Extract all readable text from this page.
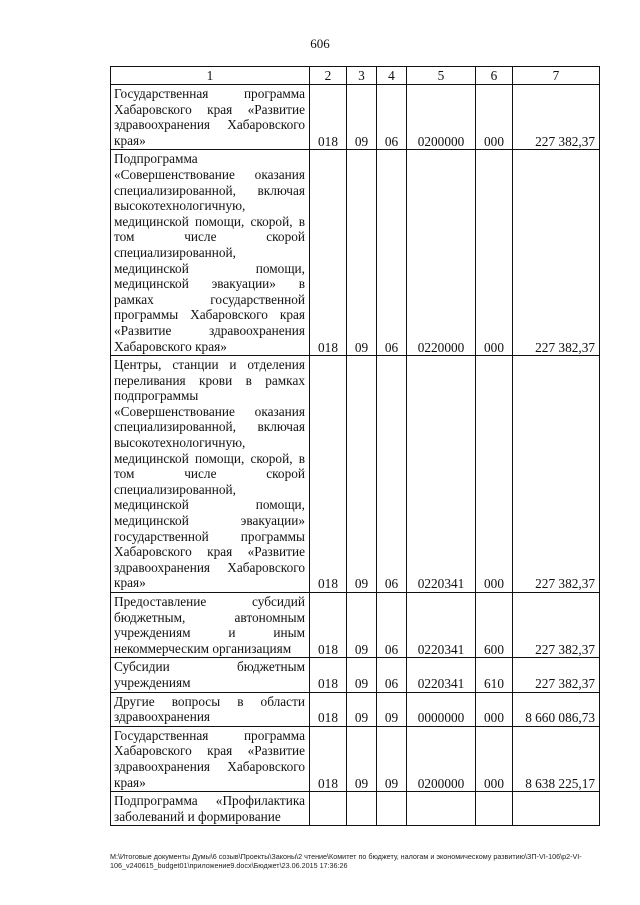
606
1	2	3	4	5	6	7
Государственная программа Хабаровского края «Развитие здравоохранения Хабаровского края»	018	09	06	0200000	000	227 382,37
Подпрограмма «Совершенствование оказания специализированной, включая высокотехнологичную, медицинской помощи, скорой, в том числе скорой специализированной, медицинской помощи, медицинской эвакуации» в рамках государственной программы Хабаровского края «Развитие здравоохранения Хабаровского края»	018	09	06	0220000	000	227 382,37
Центры, станции и отделения переливания крови в рамках подпрограммы «Совершенствование оказания специализированной, включая высокотехнологичную, медицинской помощи, скорой, в том числе скорой специализированной, медицинской помощи, медицинской эвакуации» государственной программы Хабаровского края «Развитие здравоохранения Хабаровского края»	018	09	06	0220341	000	227 382,37
Предоставление субсидий бюджетным, автономным учреждениям и иным некоммерческим организациям	018	09	06	0220341	600	227 382,37
Субсидии бюджетным учреждениям	018	09	06	0220341	610	227 382,37
Другие вопросы в области здравоохранения	018	09	09	0000000	000	8 660 086,73
Государственная программа Хабаровского края «Развитие здравоохранения Хабаровского края»	018	09	09	0200000	000	8 638 225,17
Подпрограмма «Профилактика заболеваний и формирование						
M:\Итоговые документы Думы\6 созыв\Проекты\Законы\2 чтение\Комитет по бюджету, налогам и экономическому развитию\ЗП-VI-106\p2-VI-106_v240615_budget01\приложение9.docx\Бюджет\23.06.2015 17:36:26
